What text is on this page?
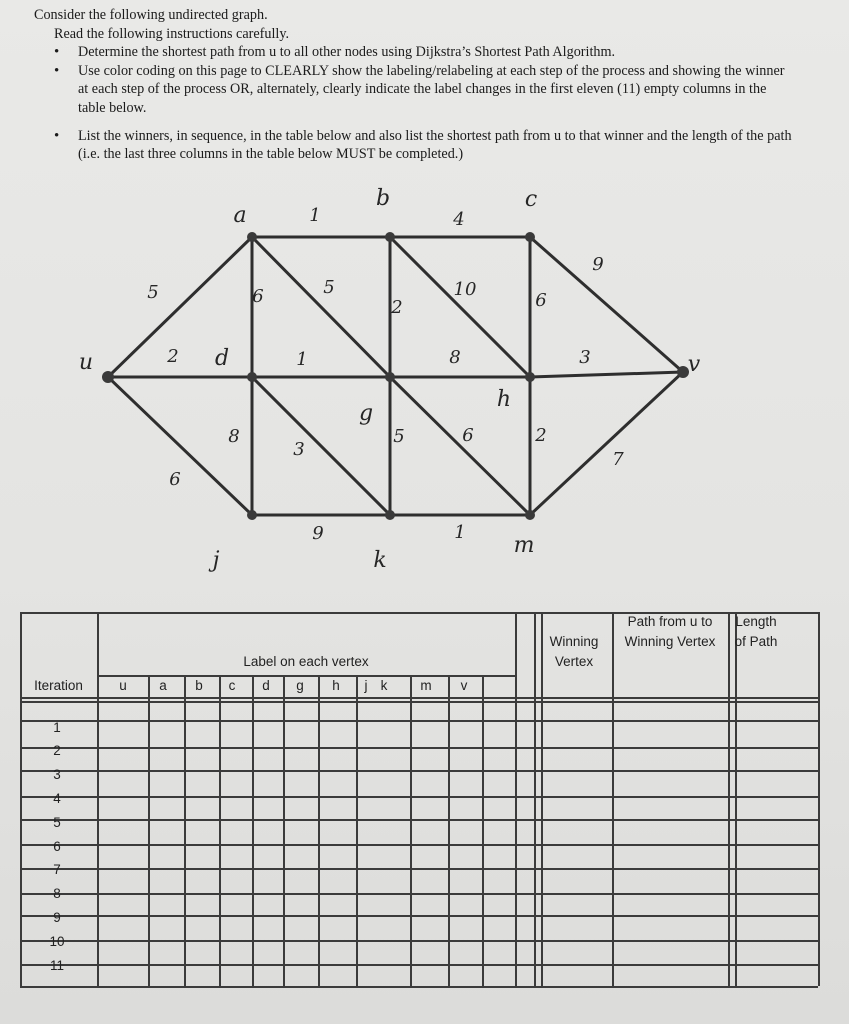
Consider the following undirected graph.

Read the following instructions carefully.

• Determine the shortest path from u to all other nodes using Dijkstra’s Shortest Path Algorithm.
• Use color coding on this page to CLEARLY show the labeling/relabeling at each step of the process and showing the winner at each step of the process OR, alternately, clearly indicate the label changes in the first eleven (11) empty columns in the table below.
• List the winners, in sequence, in the table below and also list the shortest path from u to that winner and the length of the path (i.e. the last three columns in the table below MUST be completed.)
1	4
5	6	5
2
10
6
9
2	1	8	3
8
3
5	6	2
7
6
9	1
u
a
b	c
d
g
h
v
j	k
m
Label on each vertex
Winning Vertex
Path from u to Winning Vertex
Length of Path
Iteration	u	a	b	c	d	g	h	j k	m	v
1
2
3
4
5
6
7
8
9
10
11
